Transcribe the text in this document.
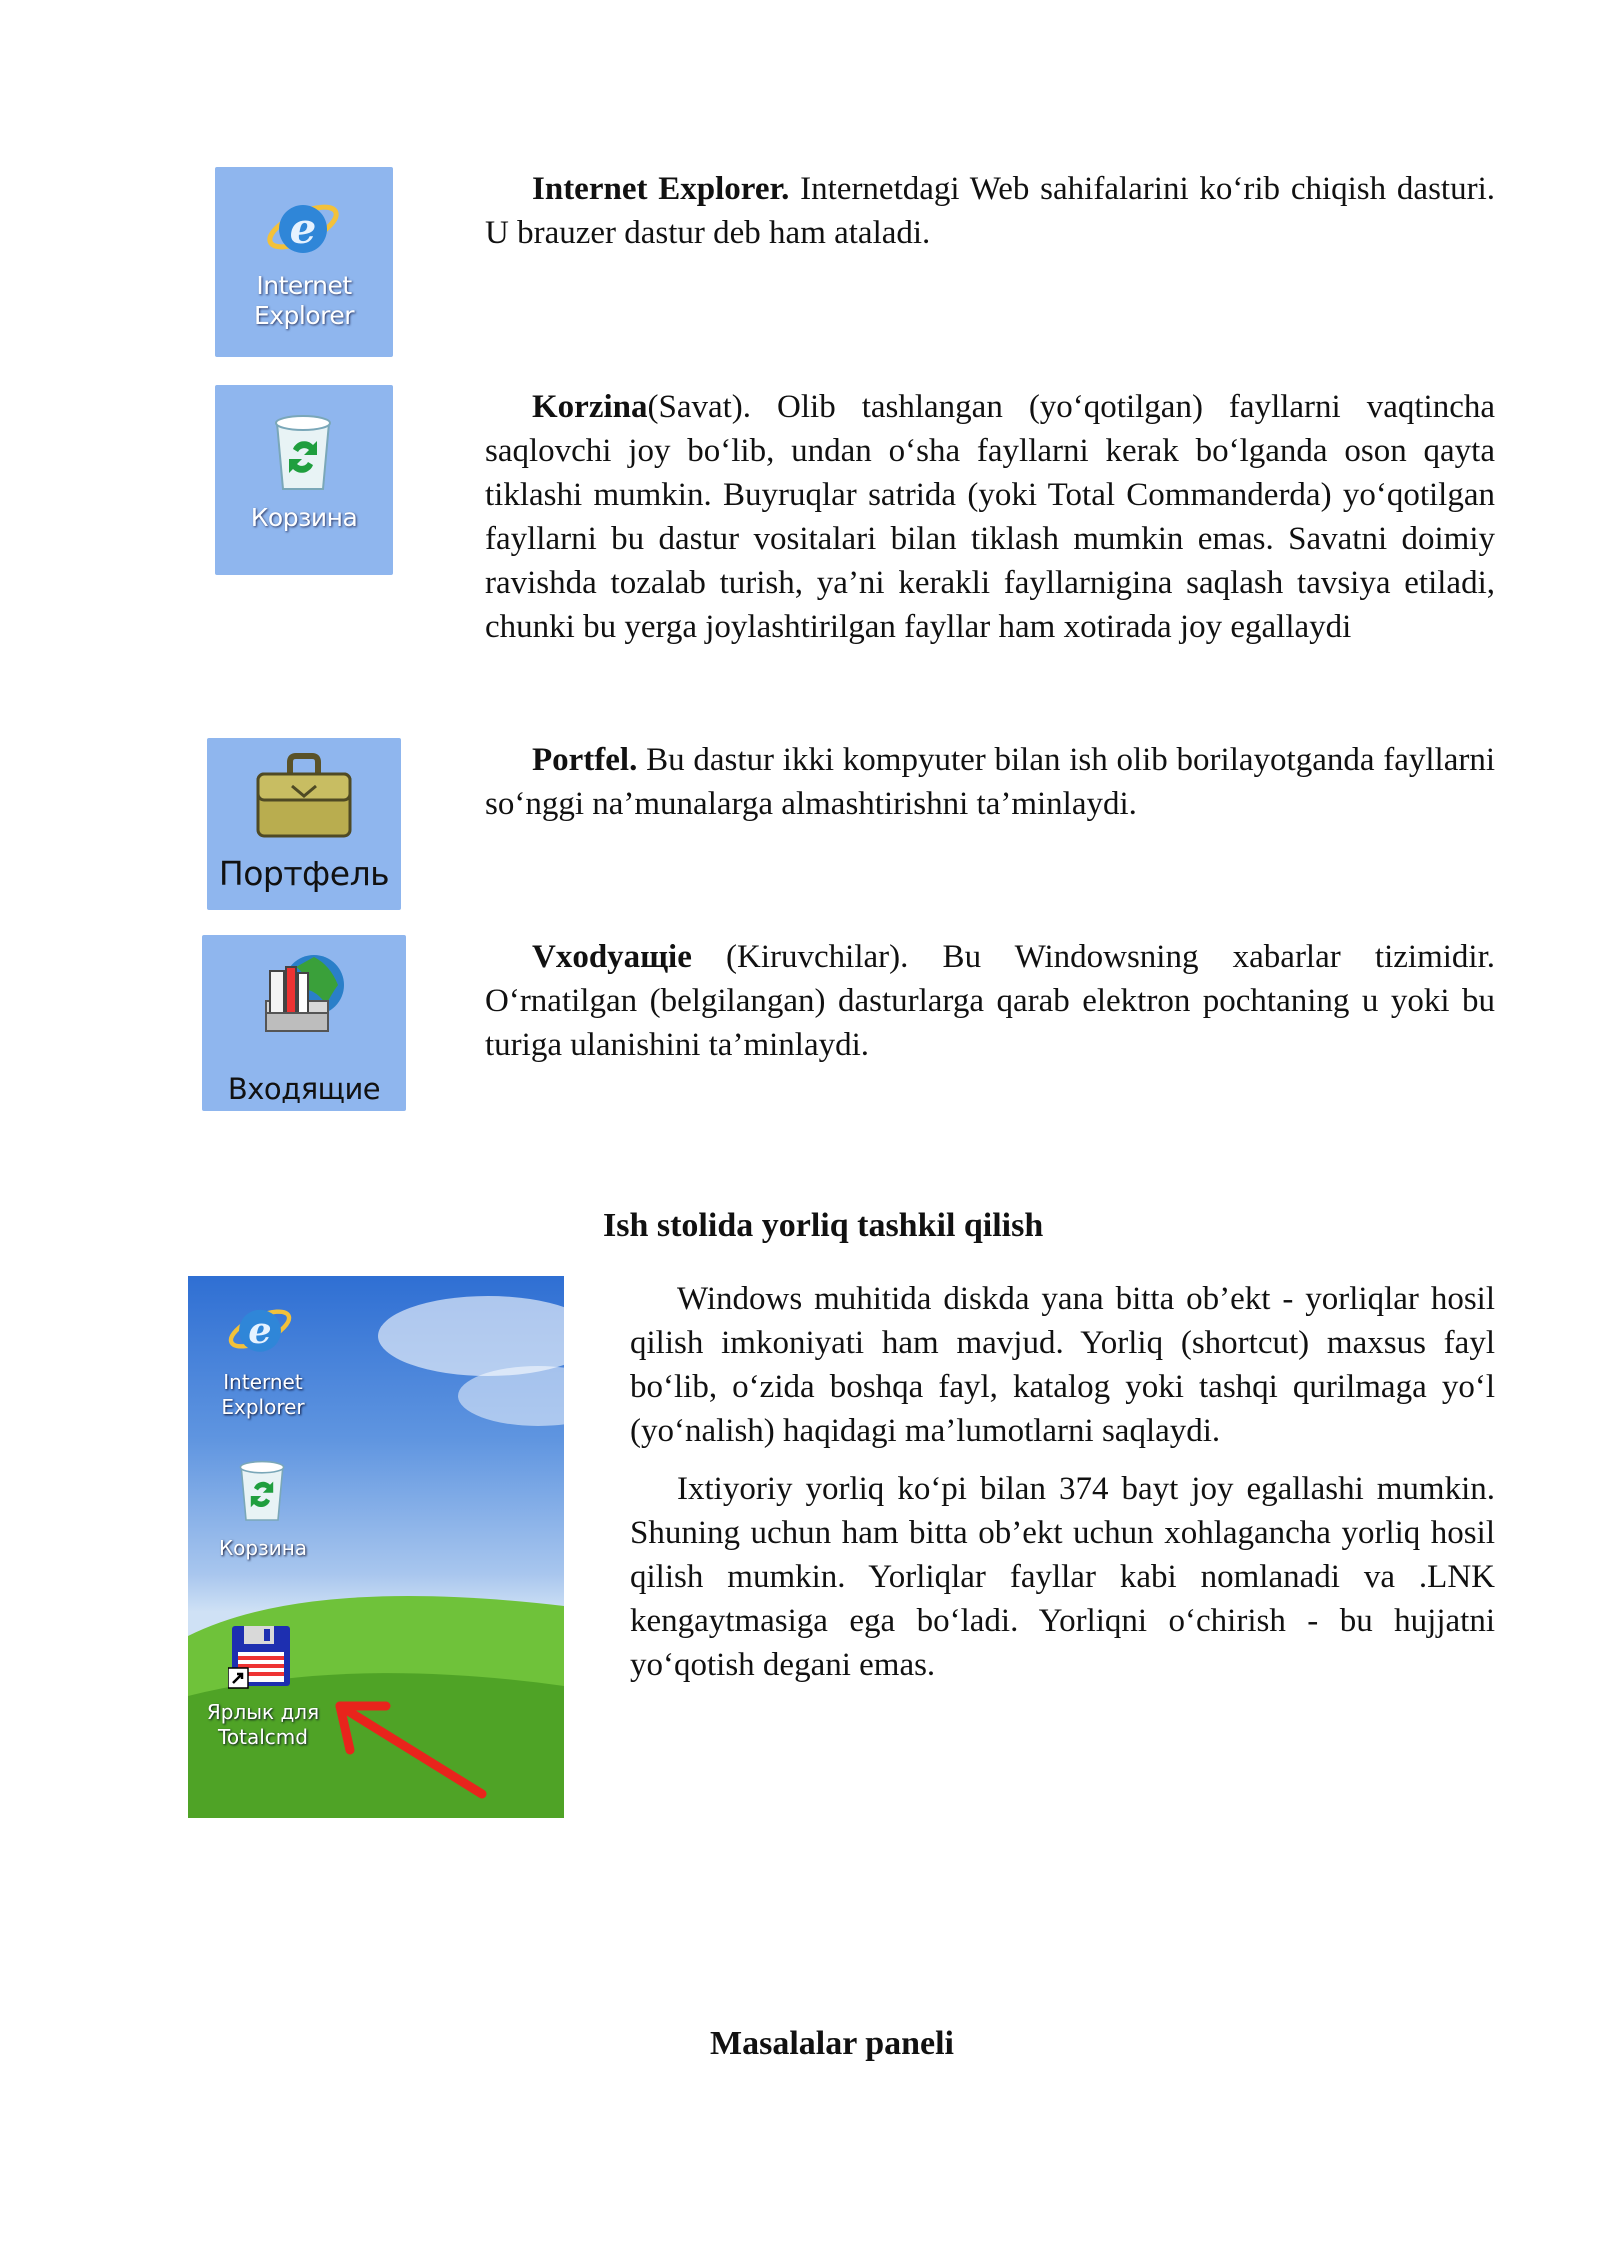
e
Internet
Explorer

Internet Explorer. Internetdagi Web sahifalarini ko‘rib chiqish dasturi. U brauzer dastur deb ham ataladi.

Корзина

Korzina(Savat). Olib tashlangan (yo‘qotilgan) fayllarni vaqtincha saqlovchi joy bo‘lib, undan o‘sha fayllarni kerak bo‘lganda oson qayta tiklashi mumkin. Buyruqlar satrida (yoki Total Commanderda) yo‘qotilgan fayllarni bu dastur vositalari bilan tiklash mumkin emas. Savatni doimiy ravishda tozalab turish, ya’ni kerakli fayllarnigina saqlash tavsiya etiladi, chunki bu yerga joylashtirilgan fayllar ham xotirada joy egallaydi

Портфель

Portfel. Bu dastur ikki kompyuter bilan ish olib borilayotganda fayllarni so‘nggi na’munalarga almashtirishni ta’minlaydi.

Входящие

Vxodyaщie (Kiruvchilar). Bu Windowsning xabarlar tizimidir. O‘rnatilgan (belgilangan) dasturlarga qarab elektron pochtaning u yoki bu turiga ulanishini ta’minlaydi.

Ish stolida yorliq tashkil qilish
e
Internet
Explorer
Корзина
Ярлык для
Totalcmd

Windows muhitida diskda yana bitta ob’ekt - yorliqlar hosil qilish imkoniyati ham mavjud. Yorliq (shortcut) maxsus fayl bo‘lib, o‘zida boshqa fayl, katalog yoki tashqi qurilmaga yo‘l (yo‘nalish) haqidagi ma’lumotlarni saqlaydi.

Ixtiyoriy yorliq ko‘pi bilan 374 bayt joy egallashi mumkin. Shuning uchun ham bitta ob’ekt uchun xohlagancha yorliq hosil qilish mumkin. Yorliqlar fayllar kabi nomlanadi va .LNK kengaytmasiga ega bo‘ladi. Yorliqni o‘chirish - bu hujjatni yo‘qotish degani emas.

Masalalar paneli
